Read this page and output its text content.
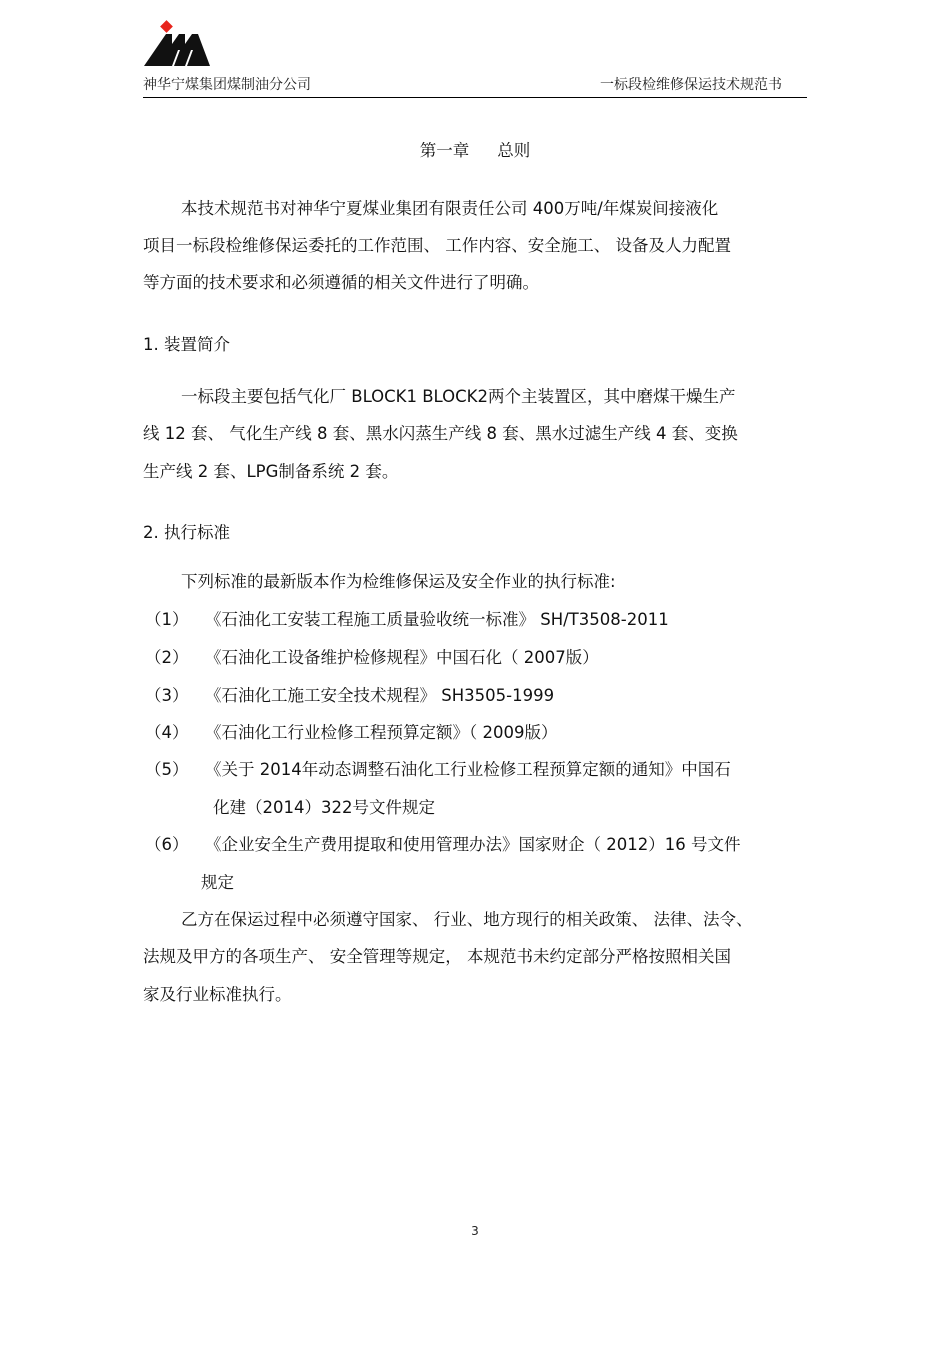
神华宁煤集团煤制油分公司	一标段检维修保运技术规范书
第一章 总则
本技术规范书对神华宁夏煤业集团有限责任公司 400万吨/年煤炭间接液化
项目一标段检维修保运委托的工作范围、 工作内容、安全施工、 设备及人力配置
等方面的技术要求和必须遵循的相关文件进行了明确。
1. 装置简介
一标段主要包括气化厂 BLOCK1 BLOCK2两个主装置区，其中磨煤干燥生产
线 12 套、 气化生产线 8 套、黑水闪蒸生产线 8 套、黑水过滤生产线 4 套、变换
生产线 2 套、LPG制备系统 2 套。
2. 执行标准
下列标准的最新版本作为检维修保运及安全作业的执行标准:
（1） 《石油化工安装工程施工质量验收统一标准》 SH/T3508-2011
（2） 《石油化工设备维护检修规程》中国石化（ 2007版）
（3） 《石油化工施工安全技术规程》 SH3505-1999
（4） 《石油化工行业检修工程预算定额》（ 2009版）
（5） 《关于 2014年动态调整石油化工行业检修工程预算定额的通知》中国石
化建（2014）322号文件规定
（6） 《企业安全生产费用提取和使用管理办法》国家财企（ 2012）16 号文件
规定
乙方在保运过程中必须遵守国家、 行业、地方现行的相关政策、 法律、法令、
法规及甲方的各项生产、 安全管理等规定， 本规范书未约定部分严格按照相关国
家及行业标准执行。
3
